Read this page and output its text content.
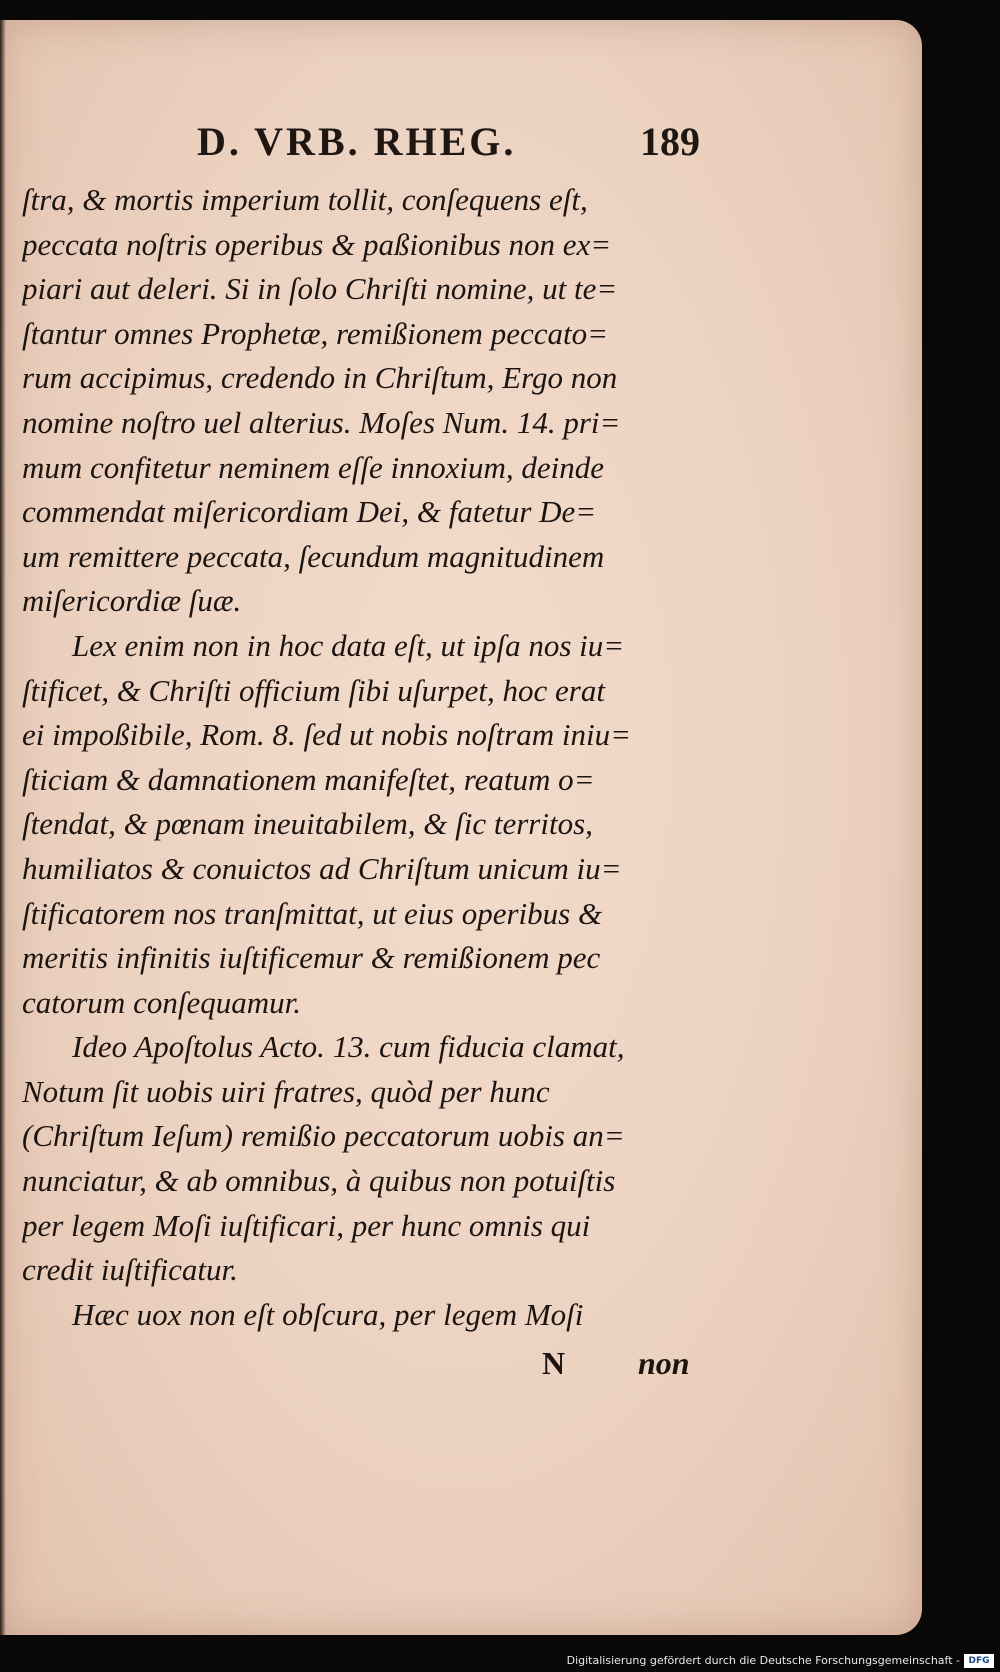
D. VRB. RHEG.	189
ſtra, & mortis imperium tollit, conſequens eſt,
peccata noſtris operibus & paßionibus non ex=
piari aut deleri. Si in ſolo Chriſti nomine, ut te=
ſtantur omnes Prophetæ, remißionem peccato=
rum accipimus, credendo in Chriſtum, Ergo non
nomine noſtro uel alterius. Moſes Num. 14. pri=
mum confitetur neminem eſſe innoxium, deinde
commendat miſericordiam Dei, & fatetur De=
um remittere peccata, ſecundum magnitudinem
miſericordiæ ſuæ.
Lex enim non in hoc data eſt, ut ipſa nos iu=
ſtificet, & Chriſti officium ſibi uſurpet, hoc erat
ei impoßibile, Rom. 8. ſed ut nobis noſtram iniu=
ſticiam & damnationem manifeſtet, reatum o=
ſtendat, & pœnam ineuitabilem, & ſic territos,
humiliatos & conuictos ad Chriſtum unicum iu=
ſtificatorem nos tranſmittat, ut eius operibus &
meritis infinitis iuſtificemur & remißionem pec
catorum conſequamur.
Ideo Apoſtolus Acto. 13. cum fiducia clamat,
Notum ſit uobis uiri fratres, quòd per hunc
(Chriſtum Ieſum) remißio peccatorum uobis an=
nunciatur, & ab omnibus, à quibus non potuiſtis
per legem Moſi iuſtificari, per hunc omnis qui
credit iuſtificatur.
Hæc uox non eſt obſcura, per legem Moſi
N non
Digitalisierung gefördert durch die Deutsche Forschungsgemeinschaft - DFG
